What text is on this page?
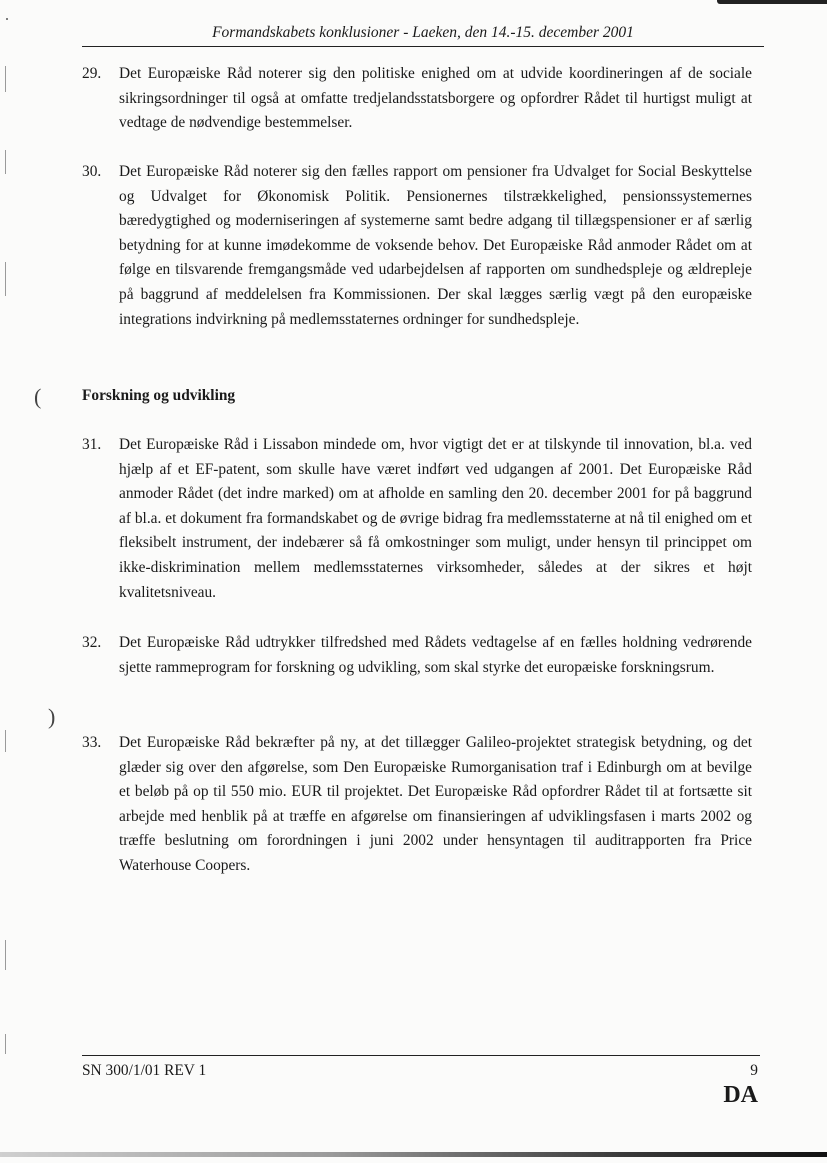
(
)
Formandskabets konklusioner - Laeken, den 14.-15. december 2001
29. Det Europæiske Råd noterer sig den politiske enighed om at udvide koordineringen af de sociale sikringsordninger til også at omfatte tredjelandsstatsborgere og opfordrer Rådet til hurtigst muligt at vedtage de nødvendige bestemmelser.
30. Det Europæiske Råd noterer sig den fælles rapport om pensioner fra Udvalget for Social Beskyttelse og Udvalget for Økonomisk Politik. Pensionernes tilstrækkelighed, pensionssystemernes bæredygtighed og moderniseringen af systemerne samt bedre adgang til tillægspensioner er af særlig betydning for at kunne imødekomme de voksende behov. Det Europæiske Råd anmoder Rådet om at følge en tilsvarende fremgangsmåde ved udarbejdelsen af rapporten om sundhedspleje og ældrepleje på baggrund af meddelelsen fra Kommissionen. Der skal lægges særlig vægt på den europæiske integrations indvirkning på medlemsstaternes ordninger for sundhedspleje.
Forskning og udvikling
31. Det Europæiske Råd i Lissabon mindede om, hvor vigtigt det er at tilskynde til innovation, bl.a. ved hjælp af et EF-patent, som skulle have været indført ved udgangen af 2001. Det Europæiske Råd anmoder Rådet (det indre marked) om at afholde en samling den 20. december 2001 for på baggrund af bl.a. et dokument fra formandskabet og de øvrige bidrag fra medlemsstaterne at nå til enighed om et fleksibelt instrument, der indebærer så få omkostninger som muligt, under hensyn til princippet om ikke-diskrimination mellem medlemsstaternes virksomheder, således at der sikres et højt kvalitetsniveau.
32. Det Europæiske Råd udtrykker tilfredshed med Rådets vedtagelse af en fælles holdning vedrørende sjette rammeprogram for forskning og udvikling, som skal styrke det europæiske forskningsrum.
33. Det Europæiske Råd bekræfter på ny, at det tillægger Galileo-projektet strategisk betydning, og det glæder sig over den afgørelse, som Den Europæiske Rumorganisation traf i Edinburgh om at bevilge et beløb på op til 550 mio. EUR til projektet. Det Europæiske Råd opfordrer Rådet til at fortsætte sit arbejde med henblik på at træffe en afgørelse om finansieringen af udviklingsfasen i marts 2002 og træffe beslutning om forordningen i juni 2002 under hensyntagen til auditrapporten fra Price Waterhouse Coopers.
SN 300/1/01 REV 1	9
DA
